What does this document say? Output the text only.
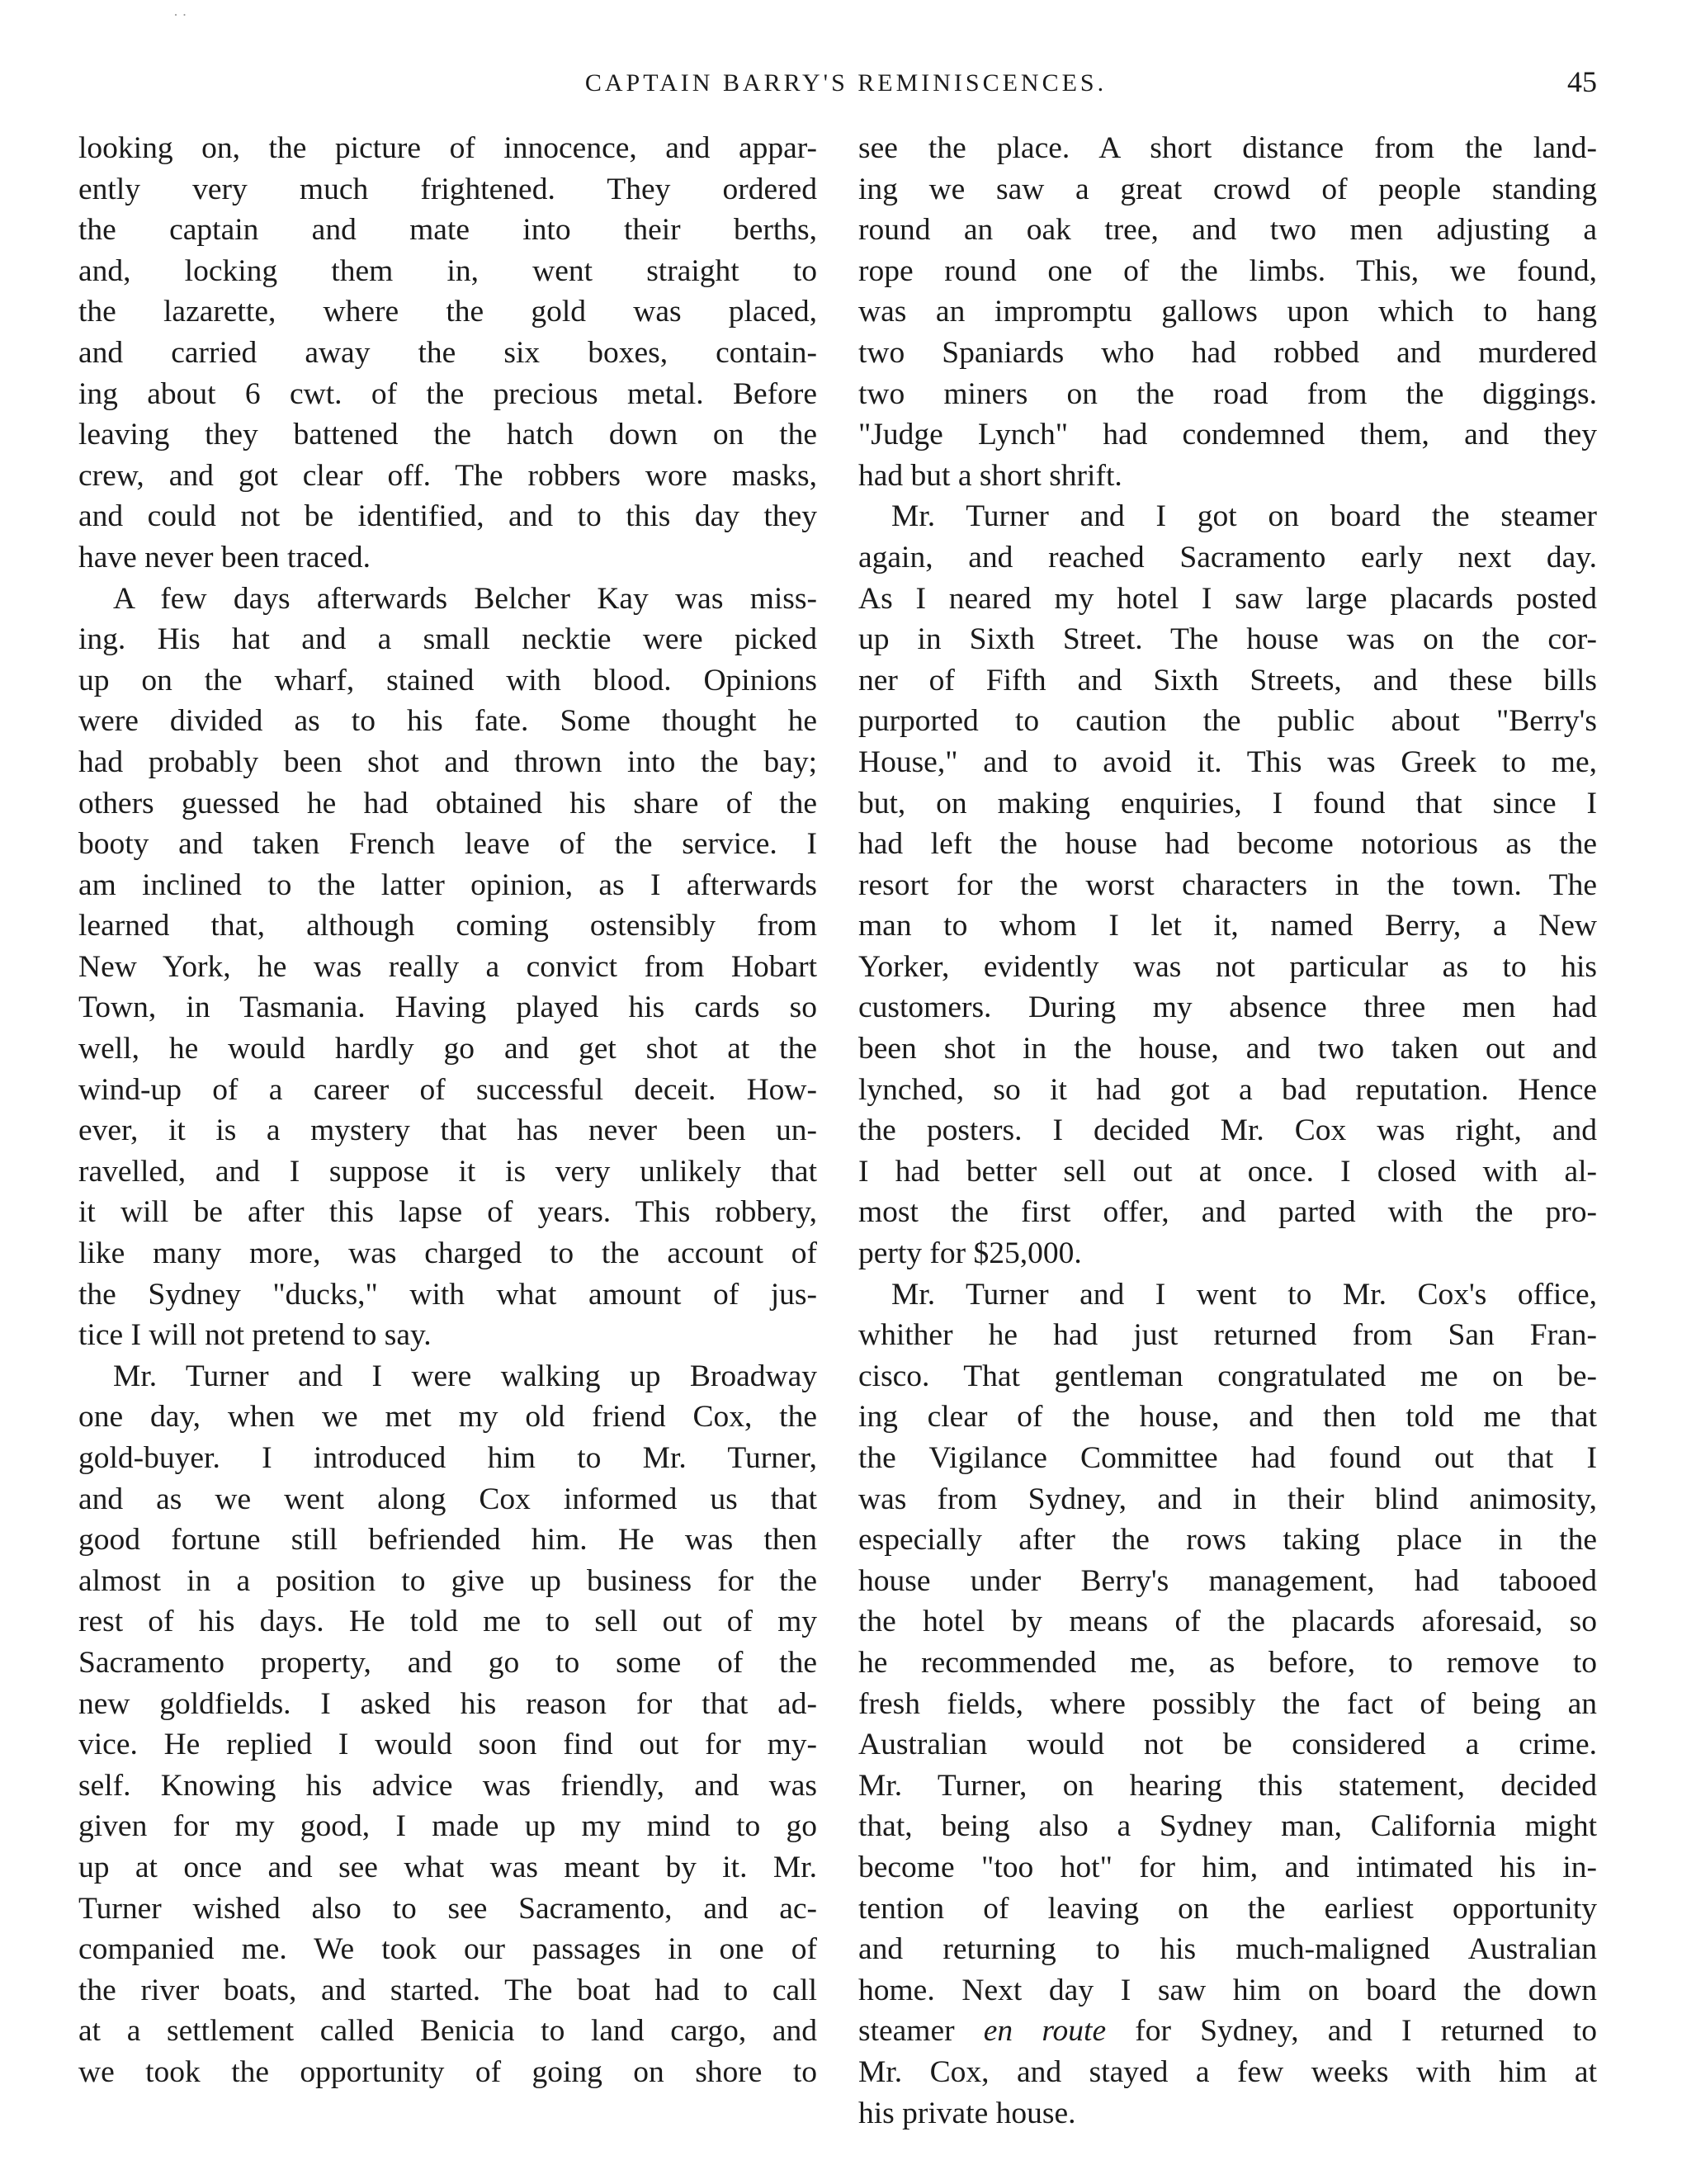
· ·
CAPTAIN BARRY'S REMINISCENCES.	45
looking on, the picture of innocence, and appar-
ently very much frightened. They ordered
the captain and mate into their berths,
and, locking them in, went straight to
the lazarette, where the gold was placed,
and carried away the six boxes, contain-
ing about 6 cwt. of the precious metal. Before
leaving they battened the hatch down on the
crew, and got clear off. The robbers wore masks,
and could not be identified, and to this day they
have never been traced.
A few days afterwards Belcher Kay was miss-
ing. His hat and a small necktie were picked
up on the wharf, stained with blood. Opinions
were divided as to his fate. Some thought he
had probably been shot and thrown into the bay;
others guessed he had obtained his share of the
booty and taken French leave of the service. I
am inclined to the latter opinion, as I afterwards
learned that, although coming ostensibly from
New York, he was really a convict from Hobart
Town, in Tasmania. Having played his cards so
well, he would hardly go and get shot at the
wind-up of a career of successful deceit. How-
ever, it is a mystery that has never been un-
ravelled, and I suppose it is very unlikely that
it will be after this lapse of years. This robbery,
like many more, was charged to the account of
the Sydney "ducks," with what amount of jus-
tice I will not pretend to say.
Mr. Turner and I were walking up Broadway
one day, when we met my old friend Cox, the
gold-buyer. I introduced him to Mr. Turner,
and as we went along Cox informed us that
good fortune still befriended him. He was then
almost in a position to give up business for the
rest of his days. He told me to sell out of my
Sacramento property, and go to some of the
new goldfields. I asked his reason for that ad-
vice. He replied I would soon find out for my-
self. Knowing his advice was friendly, and was
given for my good, I made up my mind to go
up at once and see what was meant by it. Mr.
Turner wished also to see Sacramento, and ac-
companied me. We took our passages in one of
the river boats, and started. The boat had to call
at a settlement called Benicia to land cargo, and
we took the opportunity of going on shore to
see the place. A short distance from the land-
ing we saw a great crowd of people standing
round an oak tree, and two men adjusting a
rope round one of the limbs. This, we found,
was an impromptu gallows upon which to hang
two Spaniards who had robbed and murdered
two miners on the road from the diggings.
"Judge Lynch" had condemned them, and they
had but a short shrift.
Mr. Turner and I got on board the steamer
again, and reached Sacramento early next day.
As I neared my hotel I saw large placards posted
up in Sixth Street. The house was on the cor-
ner of Fifth and Sixth Streets, and these bills
purported to caution the public about "Berry's
House," and to avoid it. This was Greek to me,
but, on making enquiries, I found that since I
had left the house had become notorious as the
resort for the worst characters in the town. The
man to whom I let it, named Berry, a New
Yorker, evidently was not particular as to his
customers. During my absence three men had
been shot in the house, and two taken out and
lynched, so it had got a bad reputation. Hence
the posters. I decided Mr. Cox was right, and
I had better sell out at once. I closed with al-
most the first offer, and parted with the pro-
perty for $25,000.
Mr. Turner and I went to Mr. Cox's office,
whither he had just returned from San Fran-
cisco. That gentleman congratulated me on be-
ing clear of the house, and then told me that
the Vigilance Committee had found out that I
was from Sydney, and in their blind animosity,
especially after the rows taking place in the
house under Berry's management, had tabooed
the hotel by means of the placards aforesaid, so
he recommended me, as before, to remove to
fresh fields, where possibly the fact of being an
Australian would not be considered a crime.
Mr. Turner, on hearing this statement, decided
that, being also a Sydney man, California might
become "too hot" for him, and intimated his in-
tention of leaving on the earliest opportunity
and returning to his much-maligned Australian
home. Next day I saw him on board the down
steamer en route for Sydney, and I returned to
Mr. Cox, and stayed a few weeks with him at
his private house.
